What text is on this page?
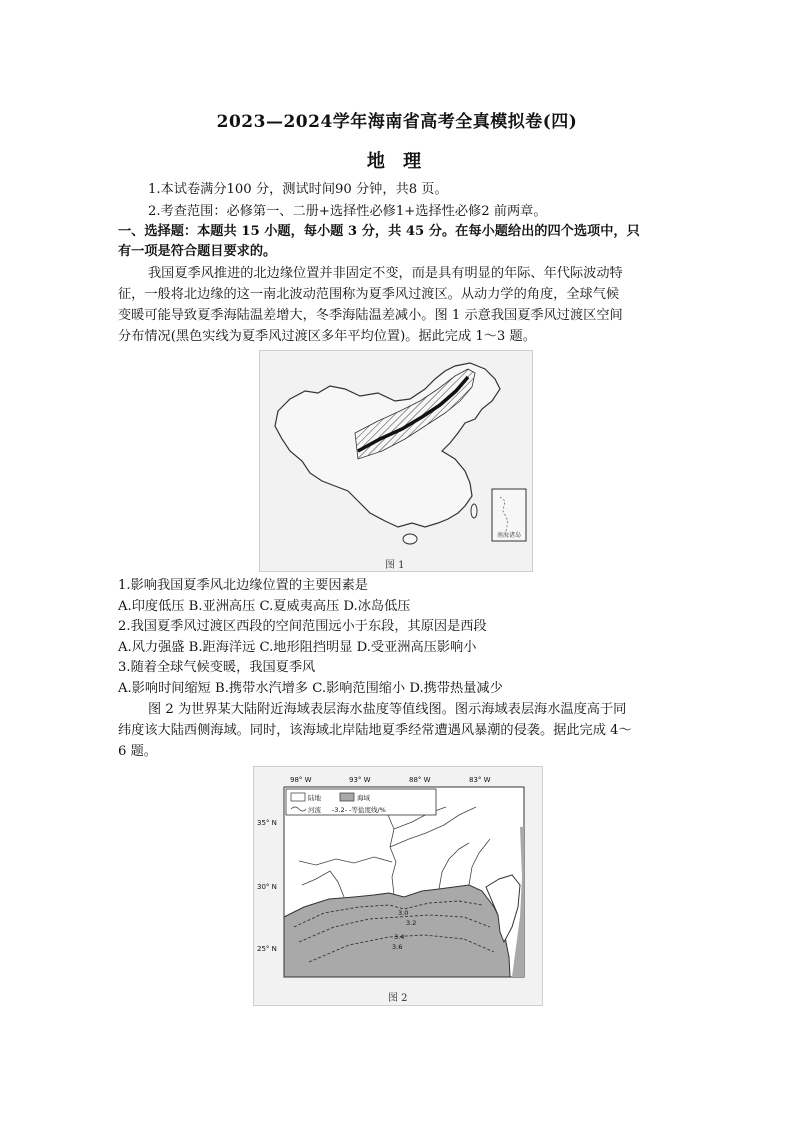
2023—2024学年海南省高考全真模拟卷(四)
地 理
1.本试卷满分100 分，测试时间90 分钟，共8 页。
2.考查范围：必修第一、二册+选择性必修1+选择性必修2 前两章。
一、选择题：本题共 15 小题，每小题 3 分，共 45 分。在每小题给出的四个选项中，只
有一项是符合题目要求的。
我国夏季风推进的北边缘位置并非固定不变，而是具有明显的年际、年代际波动特
征，一般将北边缘的这一南北波动范围称为夏季风过渡区。从动力学的角度，全球气候
变暖可能导致夏季海陆温差增大，冬季海陆温差减小。图 1 示意我国夏季风过渡区空间
分布情况(黑色实线为夏季风过渡区多年平均位置)。据此完成 1～3 题。
南海诸岛
图 1
1.影响我国夏季风北边缘位置的主要因素是
A.印度低压 B.亚洲高压 C.夏威夷高压 D.冰岛低压
2.我国夏季风过渡区西段的空间范围远小于东段，其原因是西段
A.风力强盛 B.距海洋远 C.地形阻挡明显 D.受亚洲高压影响小
3.随着全球气候变暖，我国夏季风
A.影响时间缩短 B.携带水汽增多 C.影响范围缩小 D.携带热量减少
图 2 为世界某大陆附近海域表层海水盐度等值线图。图示海域表层海水温度高于同
纬度该大陆西侧海域。同时，该海域北岸陆地夏季经常遭遇风暴潮的侵袭。据此完成 4～
6 题。
3.0
3.2
3.4
3.6
陆地	海域
河流 -3.2- -等盐度线/%
98° W	93° W	88° W	83° W
35° N
30° N
25° N
图 2
